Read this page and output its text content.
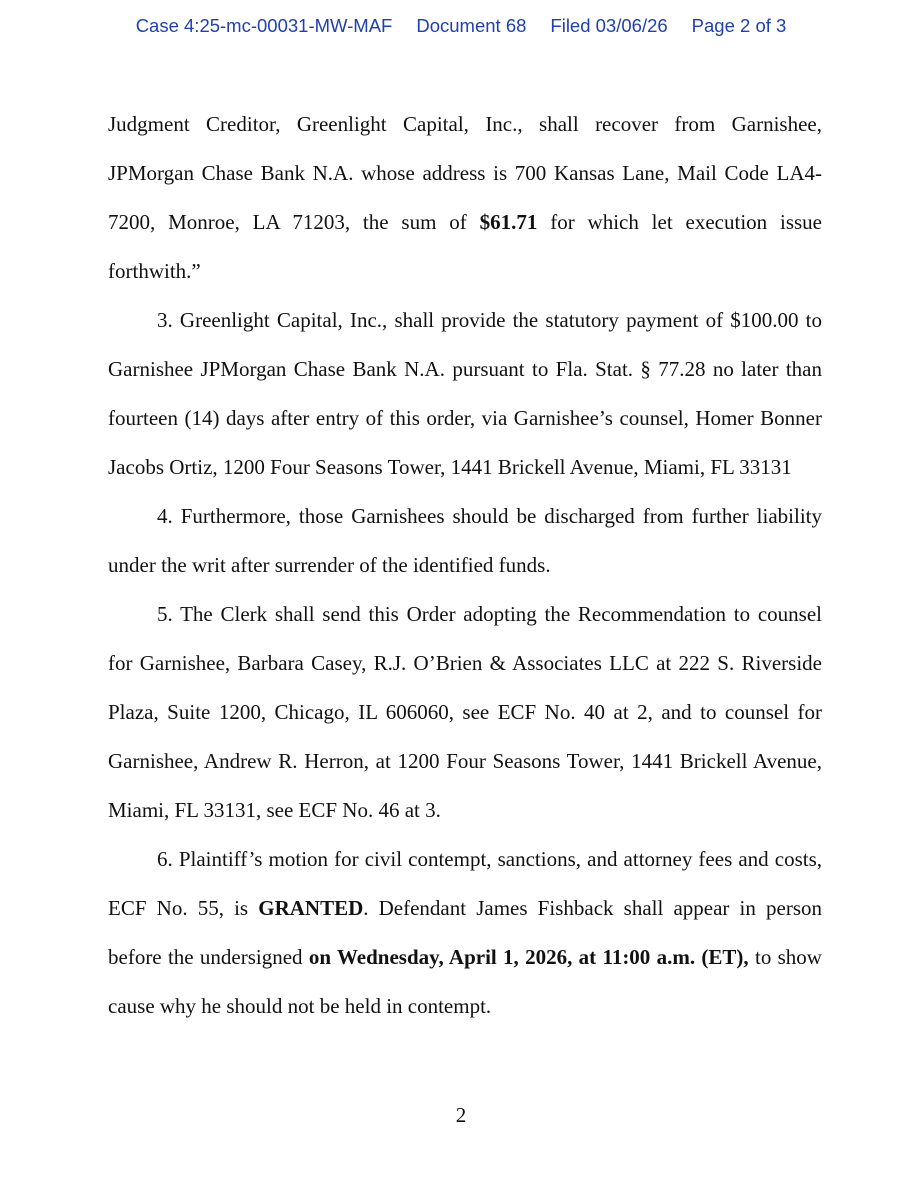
Case 4:25-mc-00031-MW-MAF Document 68 Filed 03/06/26 Page 2 of 3

Judgment Creditor, Greenlight Capital, Inc., shall recover from Garnishee, JPMorgan Chase Bank N.A. whose address is 700 Kansas Lane, Mail Code LA4-7200, Monroe, LA 71203, the sum of $61.71 for which let execution issue forthwith.”

3. Greenlight Capital, Inc., shall provide the statutory payment of $100.00 to Garnishee JPMorgan Chase Bank N.A. pursuant to Fla. Stat. § 77.28 no later than fourteen (14) days after entry of this order, via Garnishee’s counsel, Homer Bonner Jacobs Ortiz, 1200 Four Seasons Tower, 1441 Brickell Avenue, Miami, FL 33131

4. Furthermore, those Garnishees should be discharged from further liability under the writ after surrender of the identified funds.

5. The Clerk shall send this Order adopting the Recommendation to counsel for Garnishee, Barbara Casey, R.J. O’Brien & Associates LLC at 222 S. Riverside Plaza, Suite 1200, Chicago, IL 606060, see ECF No. 40 at 2, and to counsel for Garnishee, Andrew R. Herron, at 1200 Four Seasons Tower, 1441 Brickell Avenue, Miami, FL 33131, see ECF No. 46 at 3.

6. Plaintiff’s motion for civil contempt, sanctions, and attorney fees and costs, ECF No. 55, is GRANTED. Defendant James Fishback shall appear in person before the undersigned on Wednesday, April 1, 2026, at 11:00 a.m. (ET), to show cause why he should not be held in contempt.

2
